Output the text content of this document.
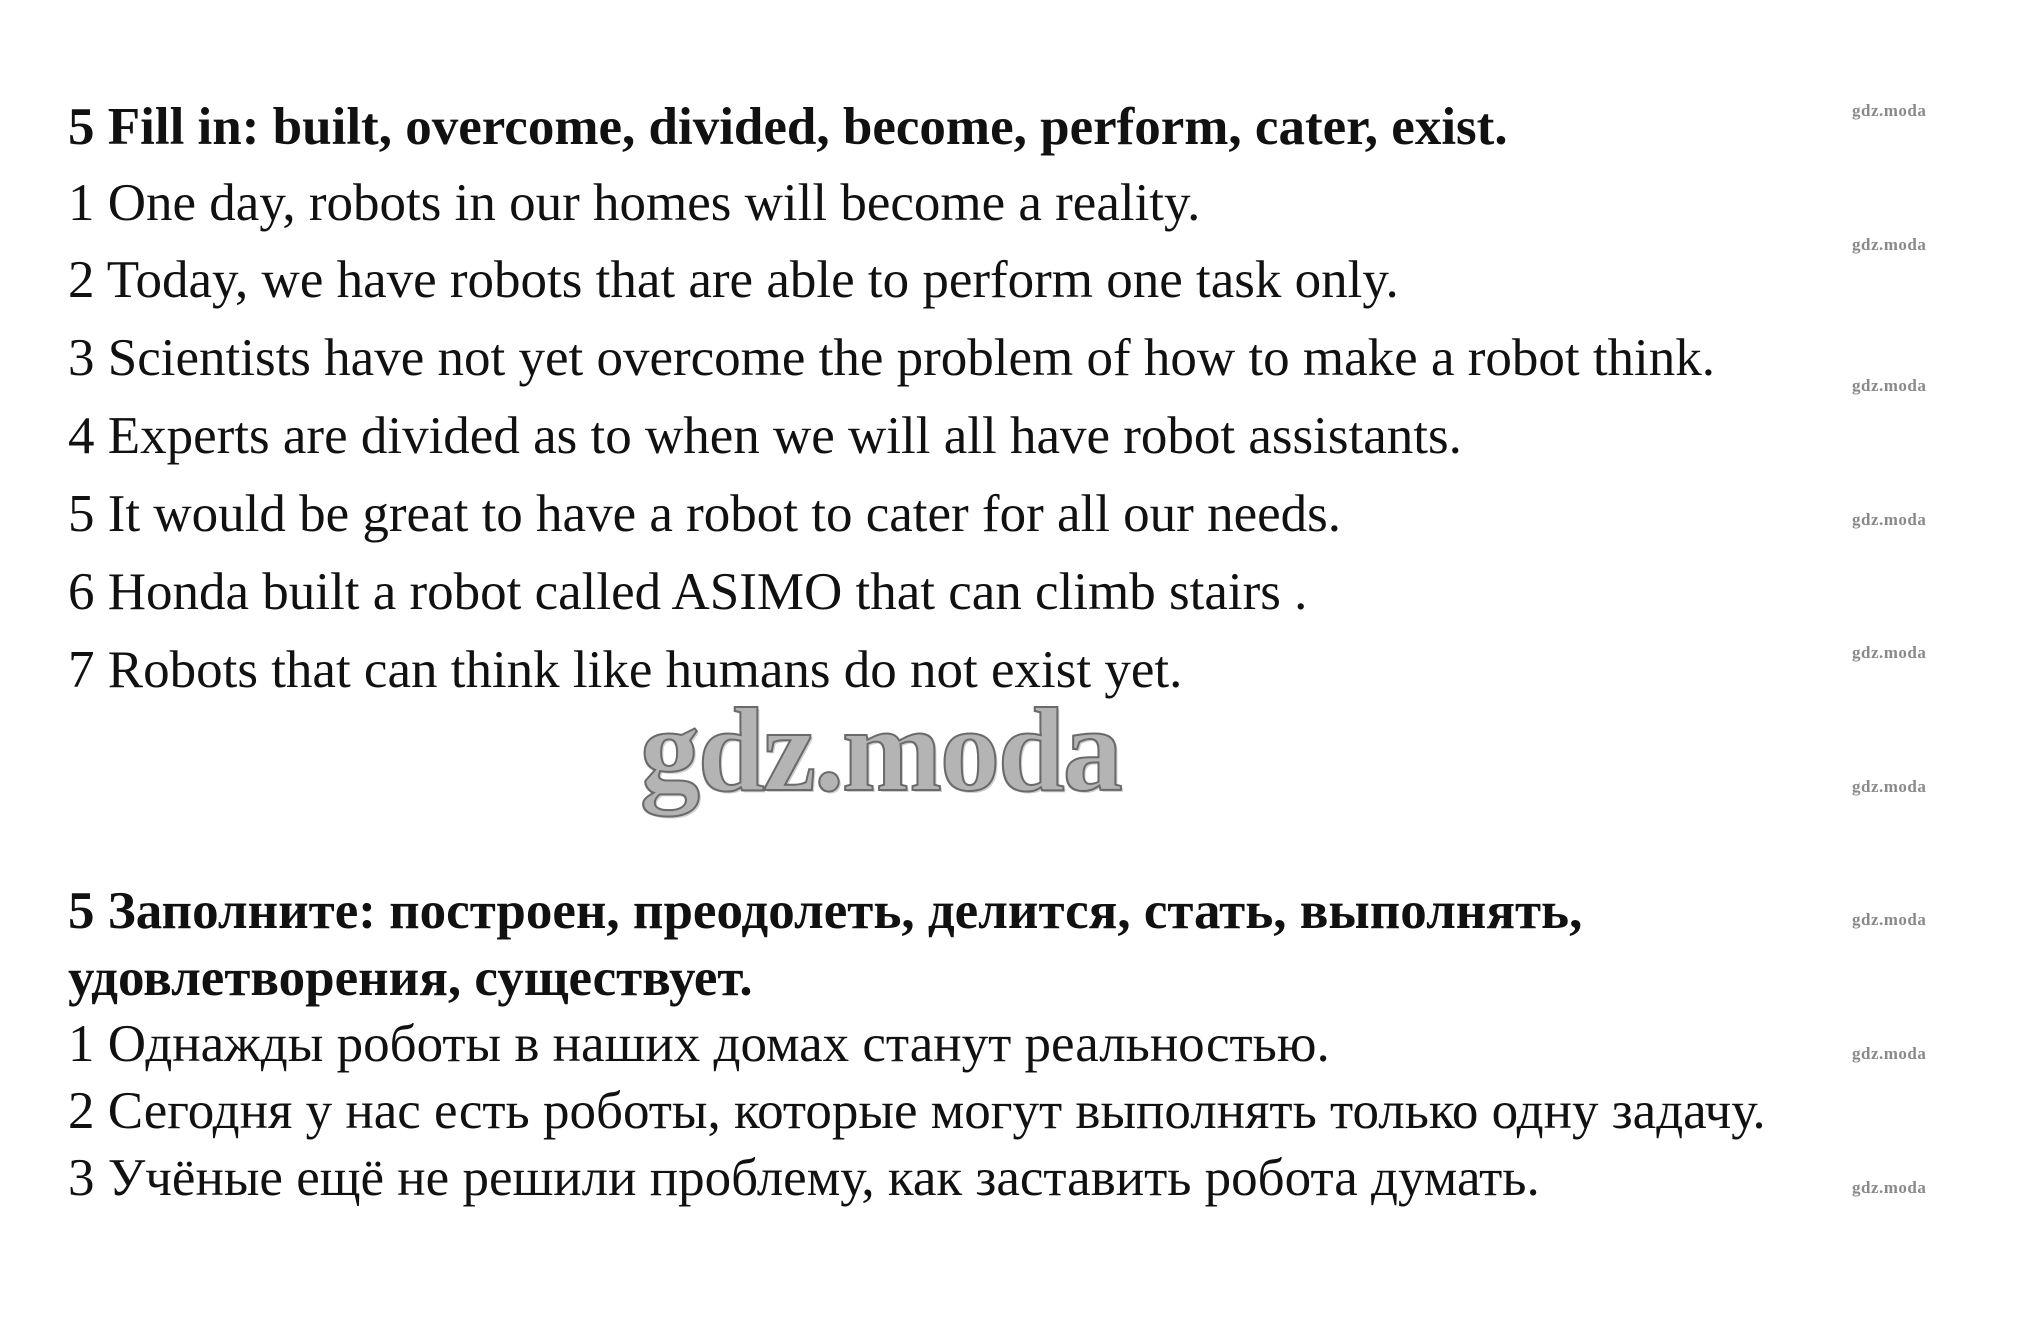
5 Fill in: built, overcome, divided, become, perform, cater, exist.
1 One day, robots in our homes will become a reality.
2 Today, we have robots that are able to perform one task only.
3 Scientists have not yet overcome the problem of how to make a robot think.
4 Experts are divided as to when we will all have robot assistants.
5 It would be great to have a robot to cater for all our needs.
6 Honda built a robot called ASIMO that can climb stairs .
7 Robots that can think like humans do not exist yet.
gdz.moda
5 Заполните: построен, преодолеть, делится, стать, выполнять,
удовлетворения, существует.
1 Однажды роботы в наших домах станут реальностью.
2 Сегодня у нас есть роботы, которые могут выполнять только одну задачу.
3 Учёные ещё не решили проблему, как заставить робота думать.
gdz.moda
gdz.moda
gdz.moda
gdz.moda
gdz.moda
gdz.moda
gdz.moda
gdz.moda
gdz.moda
